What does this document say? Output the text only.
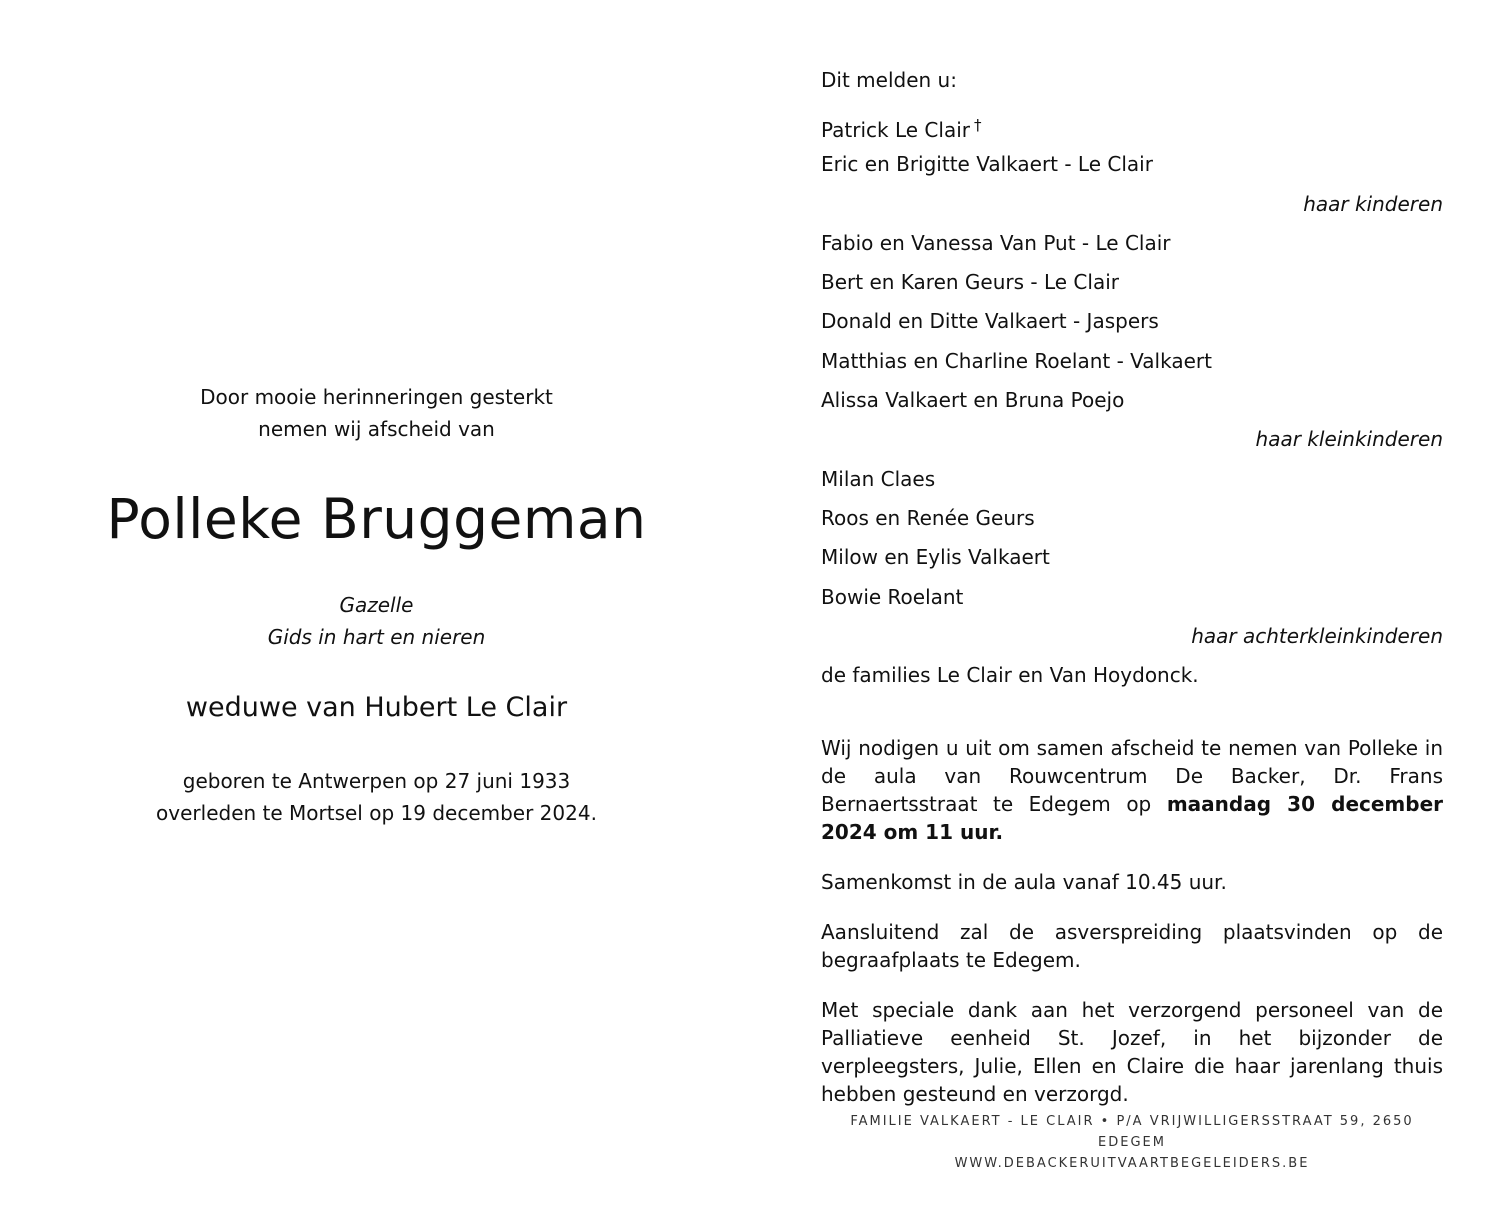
Door mooie herinneringen gesterkt
nemen wij afscheid van
Polleke Bruggeman
Gazelle
Gids in hart en nieren
weduwe van Hubert Le Clair
geboren te Antwerpen op 27 juni 1933
overleden te Mortsel op 19 december 2024.
Dit melden u:
Patrick Le Clair †
Eric en Brigitte Valkaert - Le Clair
haar kinderen
Fabio en Vanessa Van Put - Le Clair
Bert en Karen Geurs - Le Clair
Donald en Ditte Valkaert - Jaspers
Matthias en Charline Roelant - Valkaert
Alissa Valkaert en Bruna Poejo
haar kleinkinderen
Milan Claes
Roos en Renée Geurs
Milow en Eylis Valkaert
Bowie Roelant
haar achterkleinkinderen
de families Le Clair en Van Hoydonck.

Wij nodigen u uit om samen afscheid te nemen van Polleke in de aula van Rouwcentrum De Backer, Dr. Frans Bernaertsstraat te Edegem op maandag 30 december 2024 om 11 uur.

Samenkomst in de aula vanaf 10.45 uur.

Aansluitend zal de asverspreiding plaatsvinden op de begraafplaats te Edegem.

Met speciale dank aan het verzorgend personeel van de Palliatieve eenheid St. Jozef, in het bijzonder de verpleegsters, Julie, Ellen en Claire die haar jarenlang thuis hebben gesteund en verzorgd.

FAMILIE VALKAERT - LE CLAIR • P/A VRIJWILLIGERSSTRAAT 59, 2650 EDEGEM
WWW.DEBACKERUITVAARTBEGELEIDERS.BE
